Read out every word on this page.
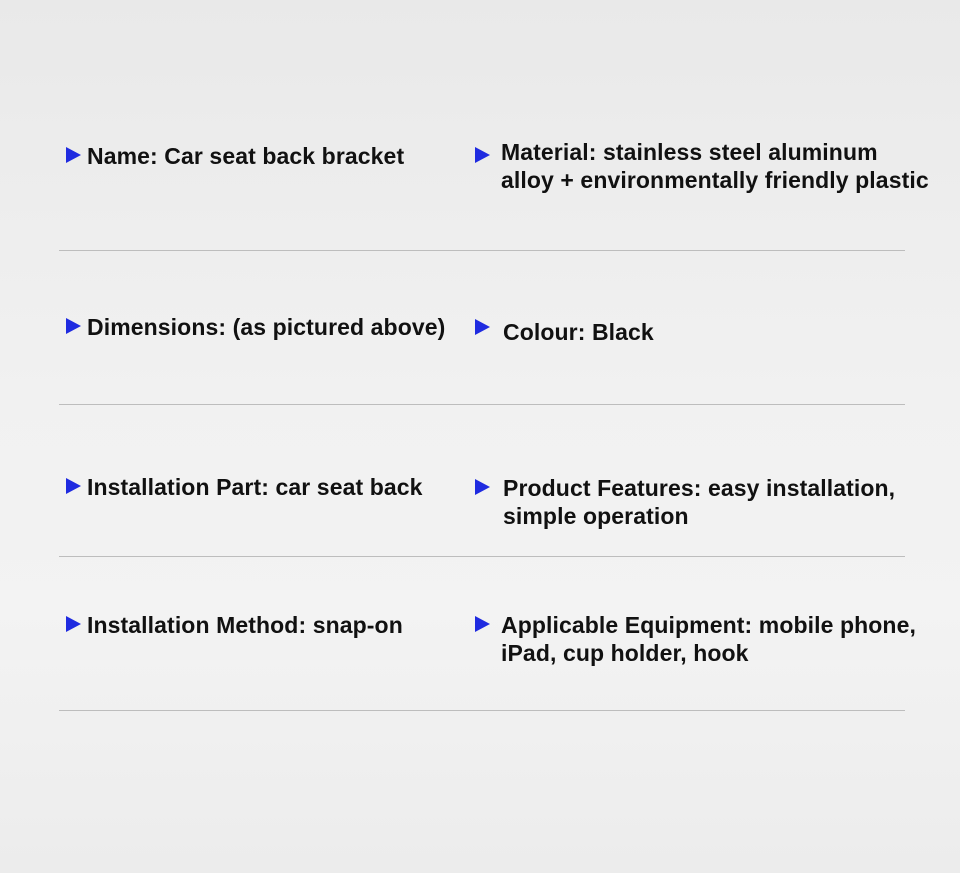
Name: Car seat back bracket	Material: stainless steel aluminum
alloy + environmentally friendly plastic
Dimensions: (as pictured above)	Colour: Black
Installation Part: car seat back	Product Features: easy installation,
simple operation
Installation Method: snap-on	Applicable Equipment: mobile phone,
iPad, cup holder, hook
